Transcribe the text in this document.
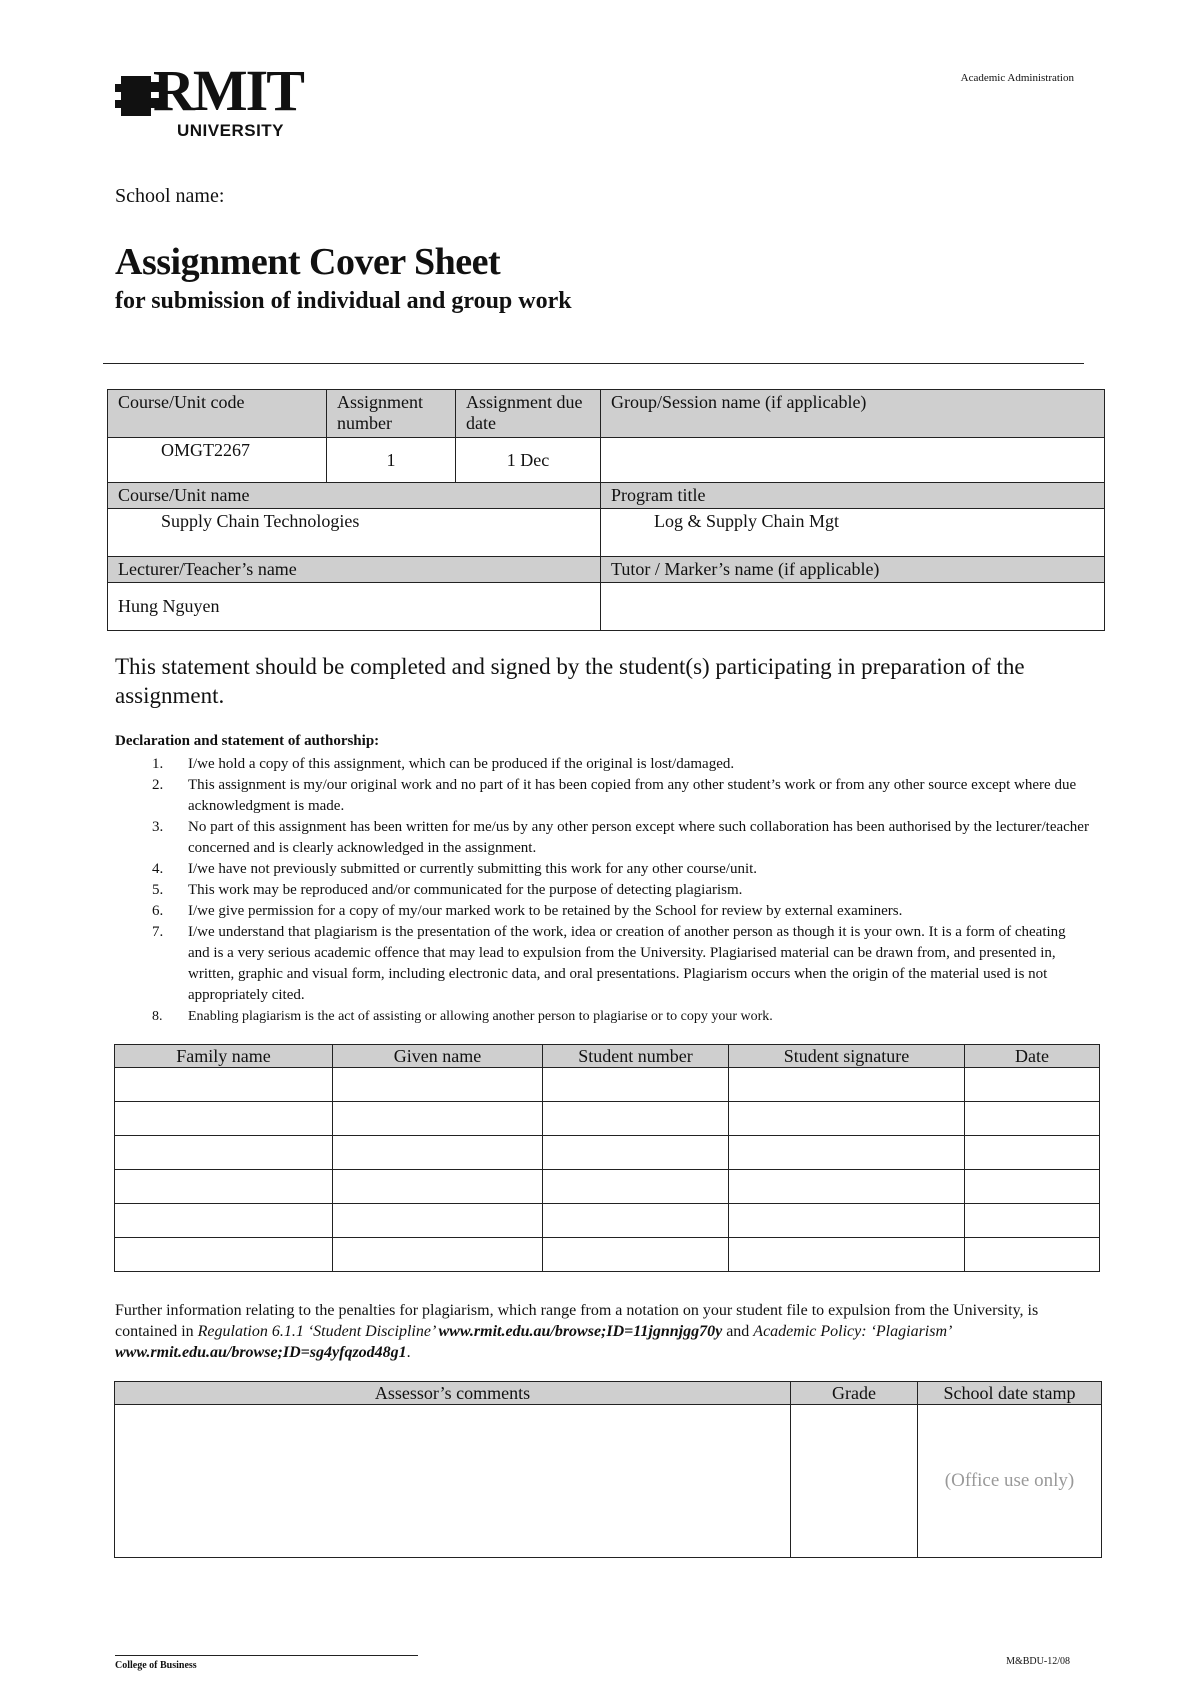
RMIT
UNIVERSITY
Academic Administration
School name:
Assignment Cover Sheet
for submission of individual and group work
Course/Unit code	Assignment number	Assignment due date	Group/Session name (if applicable)
OMGT2267	1	1 Dec	
Course/Unit name			Program title
Supply Chain Technologies			Log & Supply Chain Mgt
Lecturer/Teacher’s name			Tutor / Marker’s name (if applicable)
Hung Nguyen			
This statement should be completed and signed by the student(s) participating in preparation of the assignment.
Declaration and statement of authorship:
1. I/we hold a copy of this assignment, which can be produced if the original is lost/damaged.
2. This assignment is my/our original work and no part of it has been copied from any other student’s work or from any other source except where due acknowledgment is made.
3. No part of this assignment has been written for me/us by any other person except where such collaboration has been authorised by the lecturer/teacher concerned and is clearly acknowledged in the assignment.
4. I/we have not previously submitted or currently submitting this work for any other course/unit.
5. This work may be reproduced and/or communicated for the purpose of detecting plagiarism.
6. I/we give permission for a copy of my/our marked work to be retained by the School for review by external examiners.
7. I/we understand that plagiarism is the presentation of the work, idea or creation of another person as though it is your own. It is a form of cheating and is a very serious academic offence that may lead to expulsion from the University. Plagiarised material can be drawn from, and presented in, written, graphic and visual form, including electronic data, and oral presentations. Plagiarism occurs when the origin of the material used is not appropriately cited.
8. Enabling plagiarism is the act of assisting or allowing another person to plagiarise or to copy your work.
Family name	Given name	Student number	Student signature	Date

Further information relating to the penalties for plagiarism, which range from a notation on your student file to expulsion from the University, is contained in Regulation 6.1.1 ‘Student Discipline’ www.rmit.edu.au/browse;ID=11jgnnjgg70y and Academic Policy: ‘Plagiarism’ www.rmit.edu.au/browse;ID=sg4yfqzod48g1.
Assessor’s comments	Grade	School date stamp
		(Office use only)
College of Business	M&BDU-12/08
